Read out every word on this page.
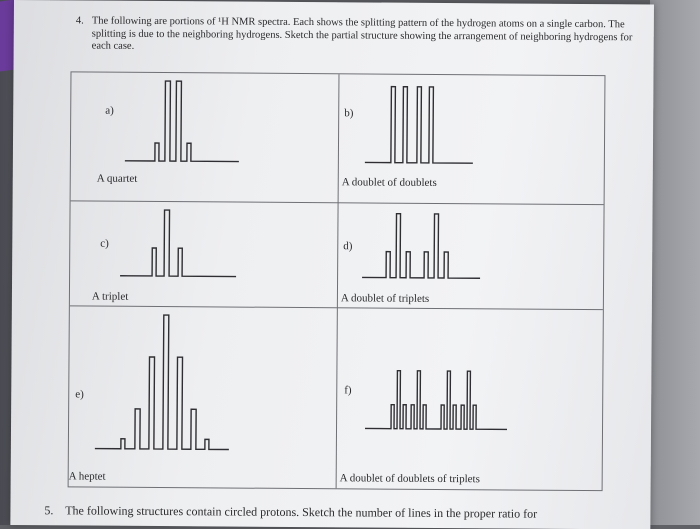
4. The following are portions of ¹H NMR spectra. Each shows the splitting pattern of the hydrogen atoms on a single carbon. The splitting is due to the neighboring hydrogens. Sketch the partial structure showing the arrangement of neighboring hydrogens for each case.
a)
A quartet
b)
A doublet of doublets
c)
A triplet
d)
A doublet of triplets
e)
A heptet
f)
A doublet of doublets of triplets
5. The following structures contain circled protons. Sketch the number of lines in the proper ratio for
